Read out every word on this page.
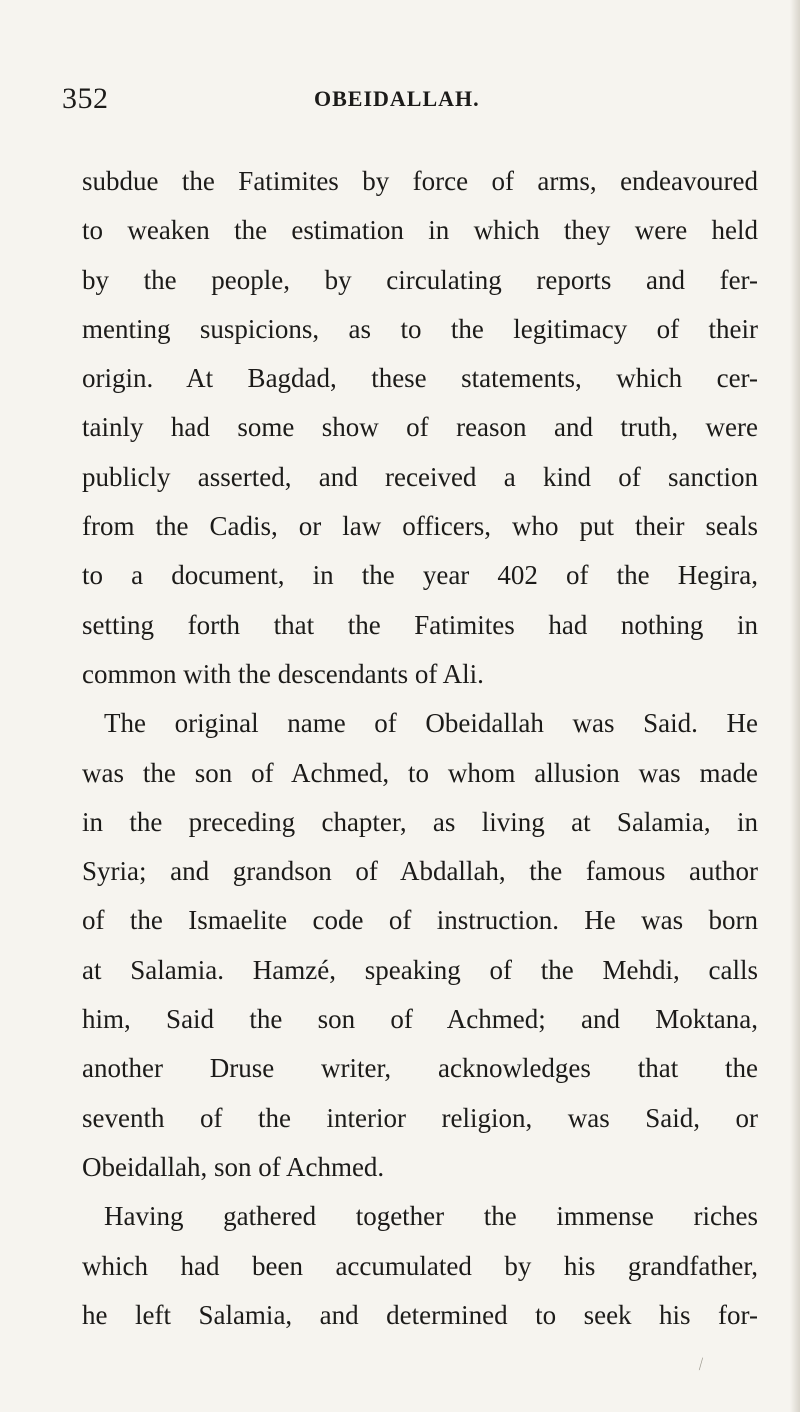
352	OBEIDALLAH.
subdue the Fatimites by force of arms, endeavoured
to weaken the estimation in which they were held
by the people, by circulating reports and fer-
menting suspicions, as to the legitimacy of their
origin. At Bagdad, these statements, which cer-
tainly had some show of reason and truth, were
publicly asserted, and received a kind of sanction
from the Cadis, or law officers, who put their seals
to a document, in the year 402 of the Hegira,
setting forth that the Fatimites had nothing in
common with the descendants of Ali.
The original name of Obeidallah was Said. He
was the son of Achmed, to whom allusion was made
in the preceding chapter, as living at Salamia, in
Syria; and grandson of Abdallah, the famous author
of the Ismaelite code of instruction. He was born
at Salamia. Hamzé, speaking of the Mehdi, calls
him, Said the son of Achmed; and Moktana,
another Druse writer, acknowledges that the
seventh of the interior religion, was Said, or
Obeidallah, son of Achmed.
Having gathered together the immense riches
which had been accumulated by his grandfather,
he left Salamia, and determined to seek his for-
⁄
